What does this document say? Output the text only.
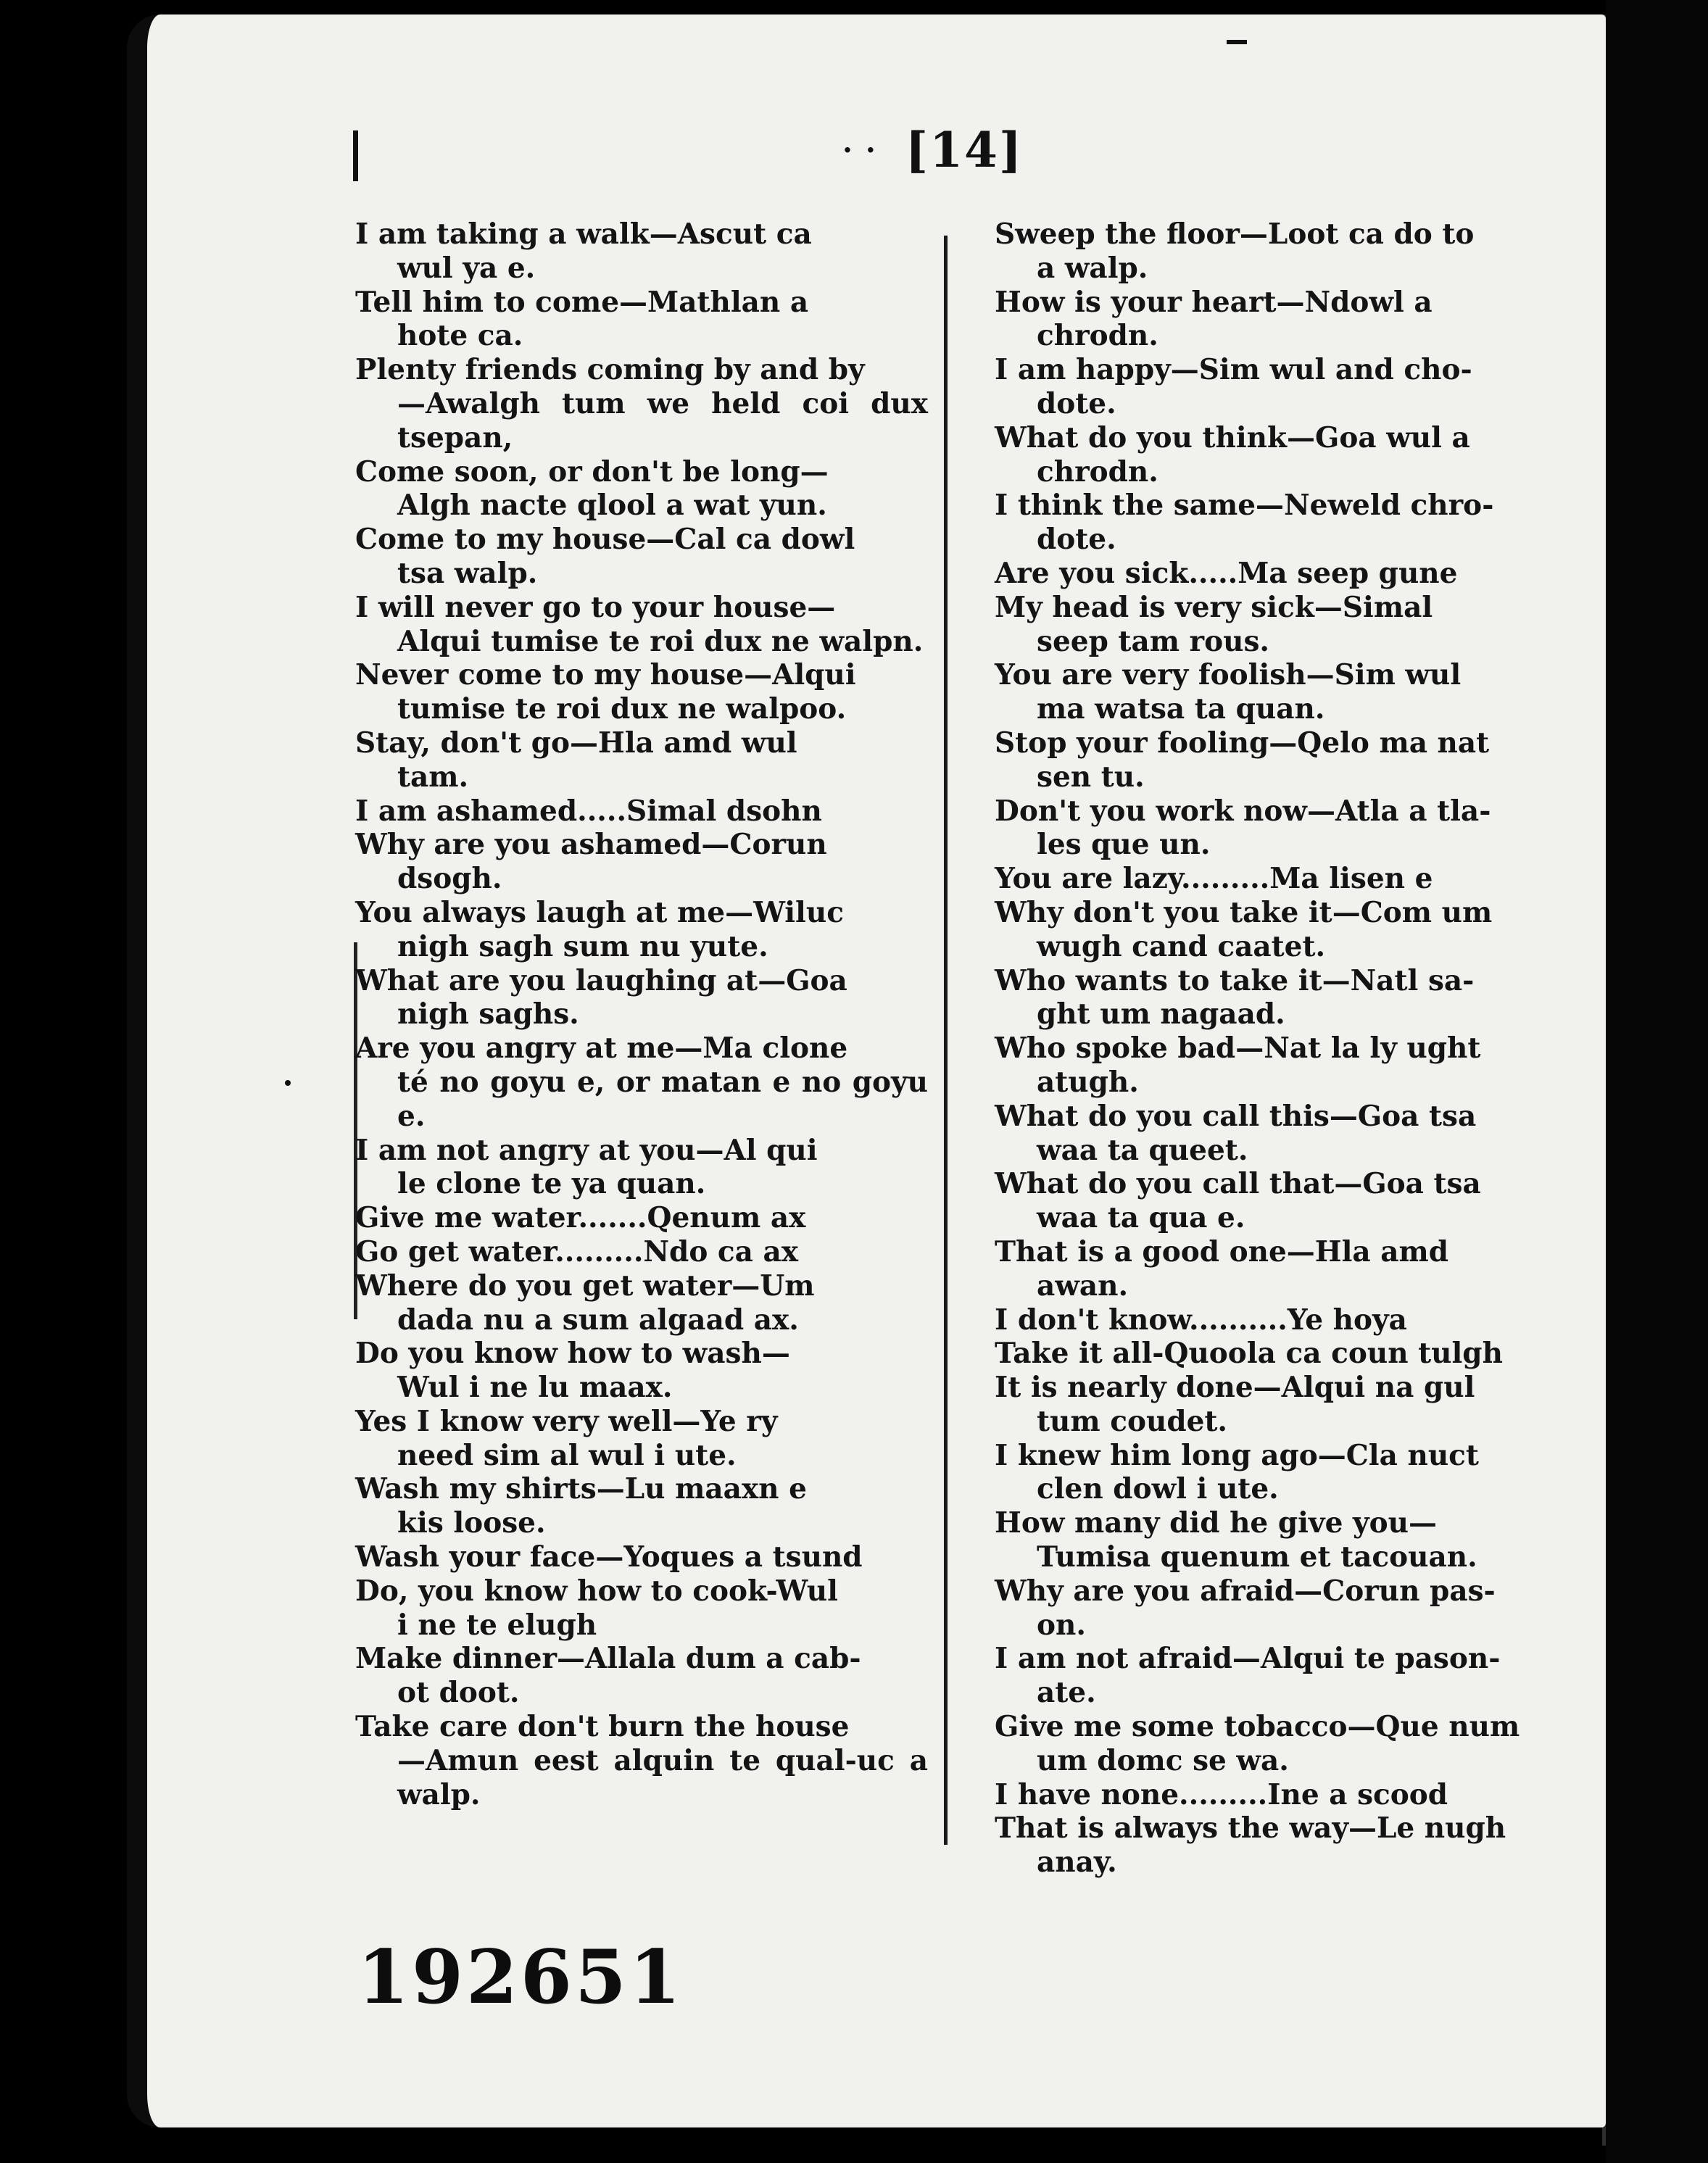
· · [14]
I am taking a walk—Ascut ca
wul ya e.
Tell him to come—Mathlan a
hote ca.
Plenty friends coming by and by
—Awalgh tum we held coi dux tsepan,
Come soon, or don't be long—
Algh nacte qlool a wat yun.
Come to my house—Cal ca dowl
tsa walp.
I will never go to your house—
Alqui tumise te roi dux ne walpn.
Never come to my house—Alqui
tumise te roi dux ne walpoo.
Stay, don't go—Hla amd wul
tam.
I am ashamed.....Simal dsohn
Why are you ashamed—Corun
dsogh.
You always laugh at me—Wiluc
nigh sagh sum nu yute.
What are you laughing at—Goa
nigh saghs.
Are you angry at me—Ma clone
té no goyu e, or matan e no goyu e.
I am not angry at you—Al qui
le clone te ya quan.
Give me water.......Qenum ax
Go get water.........Ndo ca ax
Where do you get water—Um
dada nu a sum algaad ax.
Do you know how to wash—
Wul i ne lu maax.
Yes I know very well—Ye ry
need sim al wul i ute.
Wash my shirts—Lu maaxn e
kis loose.
Wash your face—Yoques a tsund
Do, you know how to cook-Wul
i ne te elugh
Make dinner—Allala dum a cab-
ot doot.
Take care don't burn the house
—Amun eest alquin te qual-uc a walp.
Sweep the floor—Loot ca do to
a walp.
How is your heart—Ndowl a
chrodn.
I am happy—Sim wul and cho-
dote.
What do you think—Goa wul a
chrodn.
I think the same—Neweld chro-
dote.
Are you sick.....Ma seep gune
My head is very sick—Simal
seep tam rous.
You are very foolish—Sim wul
ma watsa ta quan.
Stop your fooling—Qelo ma nat
sen tu.
Don't you work now—Atla a tla-
les que un.
You are lazy.........Ma lisen e
Why don't you take it—Com um
wugh cand caatet.
Who wants to take it—Natl sa-
ght um nagaad.
Who spoke bad—Nat la ly ught
atugh.
What do you call this—Goa tsa
waa ta queet.
What do you call that—Goa tsa
waa ta qua e.
That is a good one—Hla amd
awan.
I don't know..........Ye hoya
Take it all-Quoola ca coun tulgh
It is nearly done—Alqui na gul
tum coudet.
I knew him long ago—Cla nuct
clen dowl i ute.
How many did he give you—
Tumisa quenum et tacouan.
Why are you afraid—Corun pas-
on.
I am not afraid—Alqui te pason-
ate.
Give me some tobacco—Que num
um domc se wa.
I have none.........Ine a scood
That is always the way—Le nugh
anay.
192651
